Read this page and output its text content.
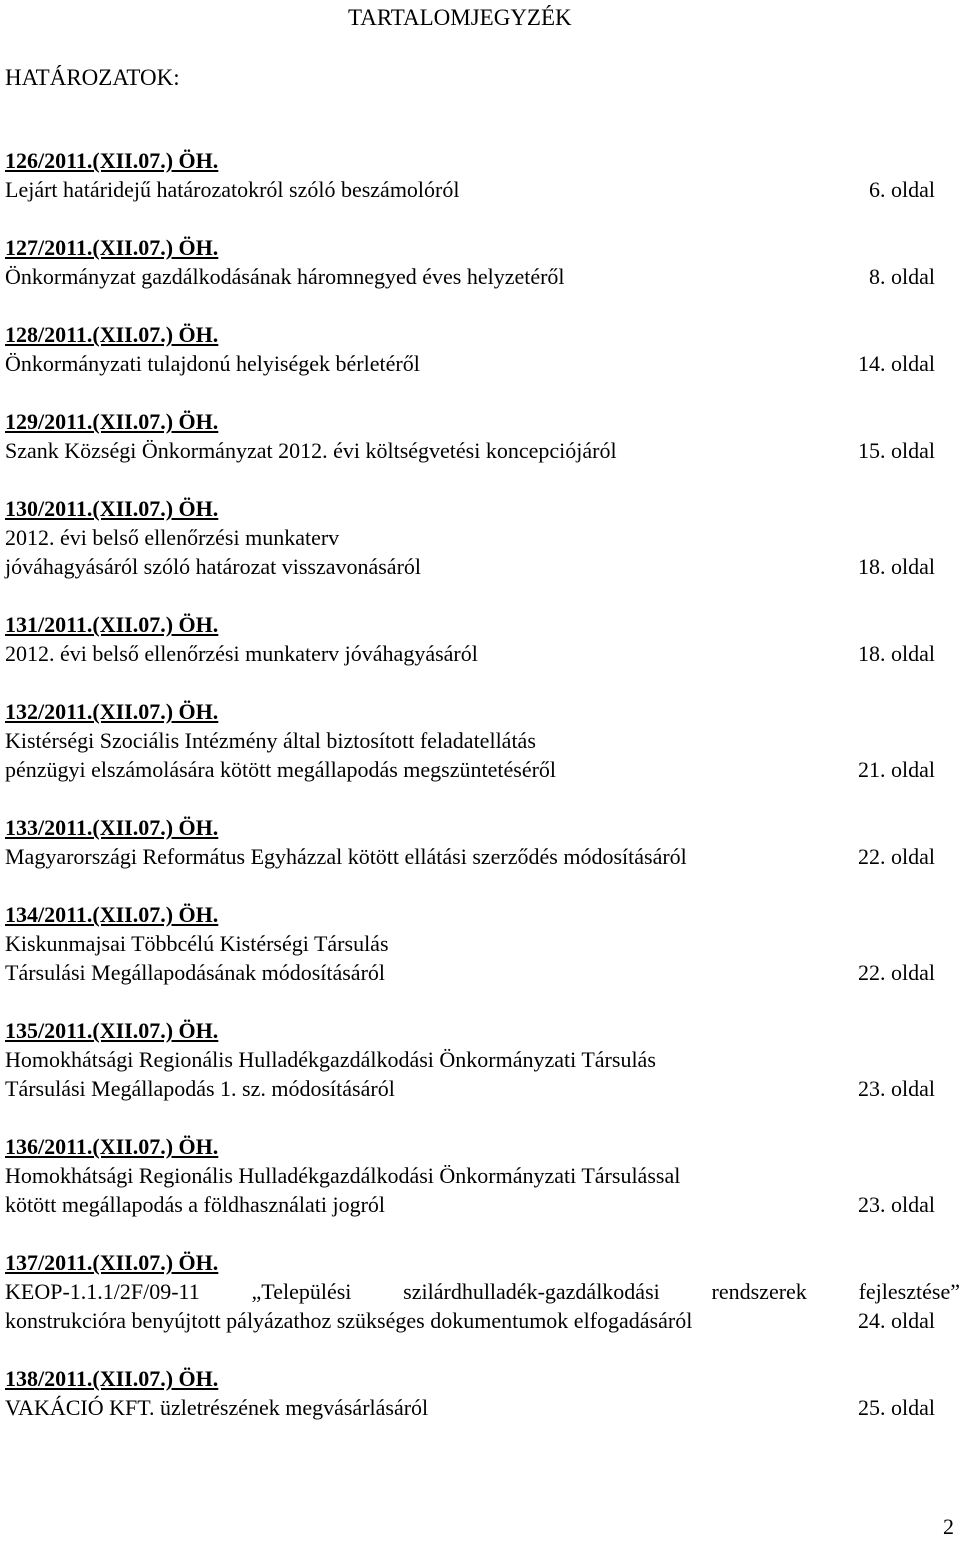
TARTALOMJEGYZÉK
HATÁROZATOK:
126/2011.(XII.07.) ÖH.
Lejárt határidejű határozatokról szóló beszámolóról	6. oldal
127/2011.(XII.07.) ÖH.
Önkormányzat gazdálkodásának háromnegyed éves helyzetéről	8. oldal
128/2011.(XII.07.) ÖH.
Önkormányzati tulajdonú helyiségek bérletéről	14. oldal
129/2011.(XII.07.) ÖH.
Szank Községi Önkormányzat 2012. évi költségvetési koncepciójáról	15. oldal
130/2011.(XII.07.) ÖH.
2012. évi belső ellenőrzési munkaterv
jóváhagyásáról szóló határozat visszavonásáról	18. oldal
131/2011.(XII.07.) ÖH.
2012. évi belső ellenőrzési munkaterv jóváhagyásáról	18. oldal
132/2011.(XII.07.) ÖH.
Kistérségi Szociális Intézmény által biztosított feladatellátás
pénzügyi elszámolására kötött megállapodás megszüntetéséről	21. oldal
133/2011.(XII.07.) ÖH.
Magyarországi Református Egyházzal kötött ellátási szerződés módosításáról	22. oldal
134/2011.(XII.07.) ÖH.
Kiskunmajsai Többcélú Kistérségi Társulás
Társulási Megállapodásának módosításáról	22. oldal
135/2011.(XII.07.) ÖH.
Homokhátsági Regionális Hulladékgazdálkodási Önkormányzati Társulás
Társulási Megállapodás 1. sz. módosításáról	23. oldal
136/2011.(XII.07.) ÖH.
Homokhátsági Regionális Hulladékgazdálkodási Önkormányzati Társulással
kötött megállapodás a földhasználati jogról	23. oldal
137/2011.(XII.07.) ÖH.
KEOP-1.1.1/2F/09-11 „Települési szilárdhulladék-gazdálkodási rendszerek fejlesztése”
konstrukcióra benyújtott pályázathoz szükséges dokumentumok elfogadásáról	24. oldal
138/2011.(XII.07.) ÖH.
VAKÁCIÓ KFT. üzletrészének megvásárlásáról	25. oldal
2
